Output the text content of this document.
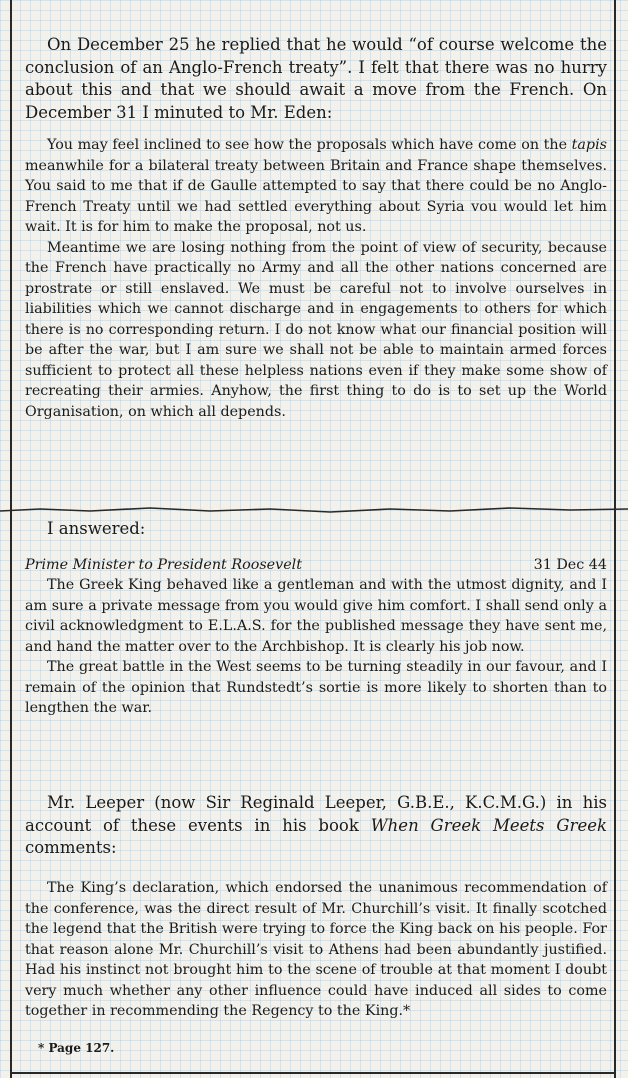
On December 25 he replied that he would “of course welcome the conclusion of an Anglo-French treaty”. I felt that there was no hurry about this and that we should await a move from the French. On December 31 I minuted to Mr. Eden:

You may feel inclined to see how the proposals which have come on the tapis meanwhile for a bilateral treaty between Britain and France shape themselves. You said to me that if de Gaulle attempted to say that there could be no Anglo-French Treaty until we had settled everything about Syria vou would let him wait. It is for him to make the proposal, not us.

Meantime we are losing nothing from the point of view of security, because the French have practically no Army and all the other nations concerned are prostrate or still enslaved. We must be careful not to involve ourselves in liabilities which we cannot discharge and in engagements to others for which there is no corresponding return. I do not know what our financial position will be after the war, but I am sure we shall not be able to maintain armed forces sufficient to protect all these helpless nations even if they make some show of recreating their armies. Anyhow, the first thing to do is to set up the World Organisation, on which all depends.

I answered:

Prime Minister to President Roosevelt	31 Dec 44

The Greek King behaved like a gentleman and with the utmost dignity, and I am sure a private message from you would give him comfort. I shall send only a civil acknowledgment to E.L.A.S. for the published message they have sent me, and hand the matter over to the Archbishop. It is clearly his job now.

The great battle in the West seems to be turning steadily in our favour, and I remain of the opinion that Rundstedt’s sortie is more likely to shorten than to lengthen the war.

Mr. Leeper (now Sir Reginald Leeper, G.B.E., K.C.M.G.) in his account of these events in his book When Greek Meets Greek comments:

The King’s declaration, which endorsed the unanimous recommendation of the conference, was the direct result of Mr. Churchill’s visit. It finally scotched the legend that the British were trying to force the King back on his people. For that reason alone Mr. Churchill’s visit to Athens had been abundantly justified. Had his instinct not brought him to the scene of trouble at that moment I doubt very much whether any other influence could have induced all sides to come together in recommending the Regency to the King.*

* Page 127.
